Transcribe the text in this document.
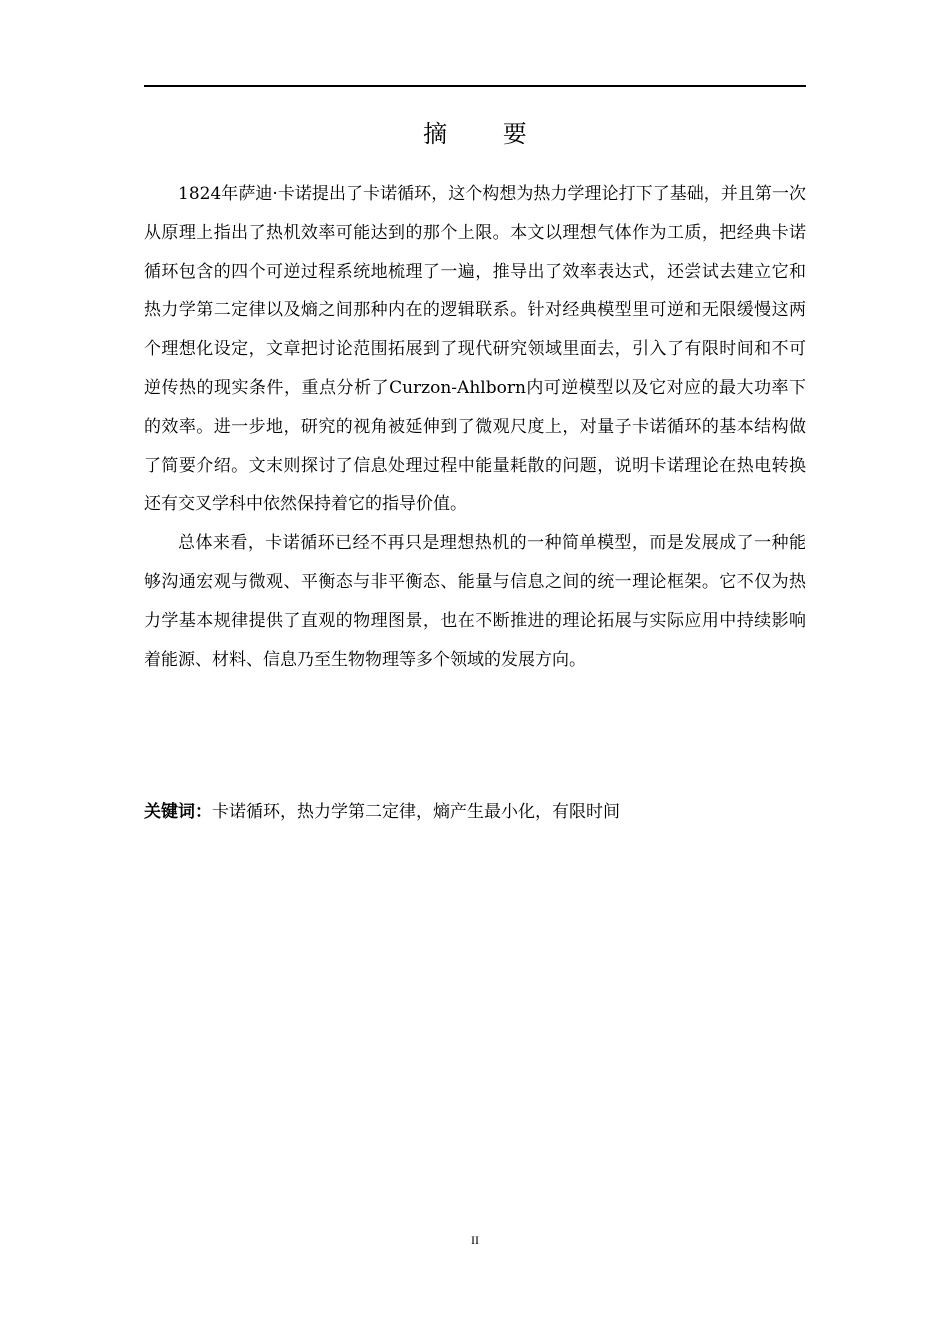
摘 要

1824年萨迪·卡诺提出了卡诺循环，这个构想为热力学理论打下了基础，并且第一次从原理上指出了热机效率可能达到的那个上限。本文以理想气体作为工质，把经典卡诺循环包含的四个可逆过程系统地梳理了一遍，推导出了效率表达式，还尝试去建立它和热力学第二定律以及熵之间那种内在的逻辑联系。针对经典模型里可逆和无限缓慢这两个理想化设定，文章把讨论范围拓展到了现代研究领域里面去，引入了有限时间和不可逆传热的现实条件，重点分析了Curzon-Ahlborn内可逆模型以及它对应的最大功率下的效率。进一步地，研究的视角被延伸到了微观尺度上，对量子卡诺循环的基本结构做了简要介绍。文末则探讨了信息处理过程中能量耗散的问题，说明卡诺理论在热电转换还有交叉学科中依然保持着它的指导价值。

总体来看，卡诺循环已经不再只是理想热机的一种简单模型，而是发展成了一种能够沟通宏观与微观、平衡态与非平衡态、能量与信息之间的统一理论框架。它不仅为热力学基本规律提供了直观的物理图景，也在不断推进的理论拓展与实际应用中持续影响着能源、材料、信息乃至生物物理等多个领域的发展方向。

关键词：卡诺循环，热力学第二定律，熵产生最小化，有限时间
II
